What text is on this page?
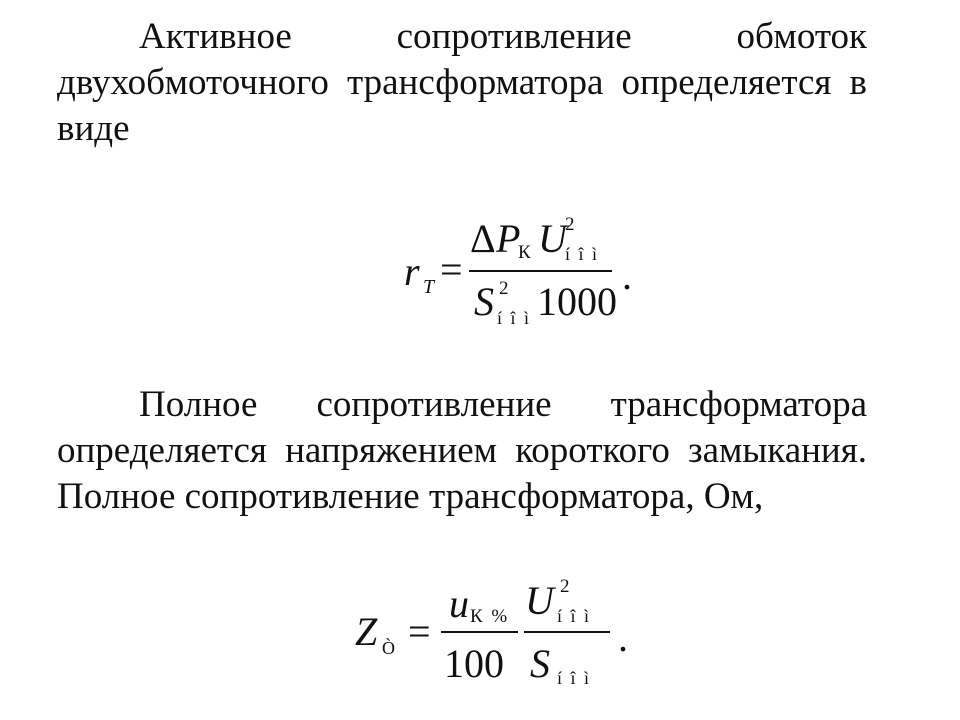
Активное сопротивление обмоток двухобмоточного трансформатора определяется в виде
r T =
Δ P
К U
2
í î ì
S 2
í î ì 1000
.
Полное сопротивление трансформатора определяется напряжением короткого замыкания. Полное сопротивление трансформатора, Ом,
Z Ò =
u К %
100
U 2
í î ì
S í î ì
.
